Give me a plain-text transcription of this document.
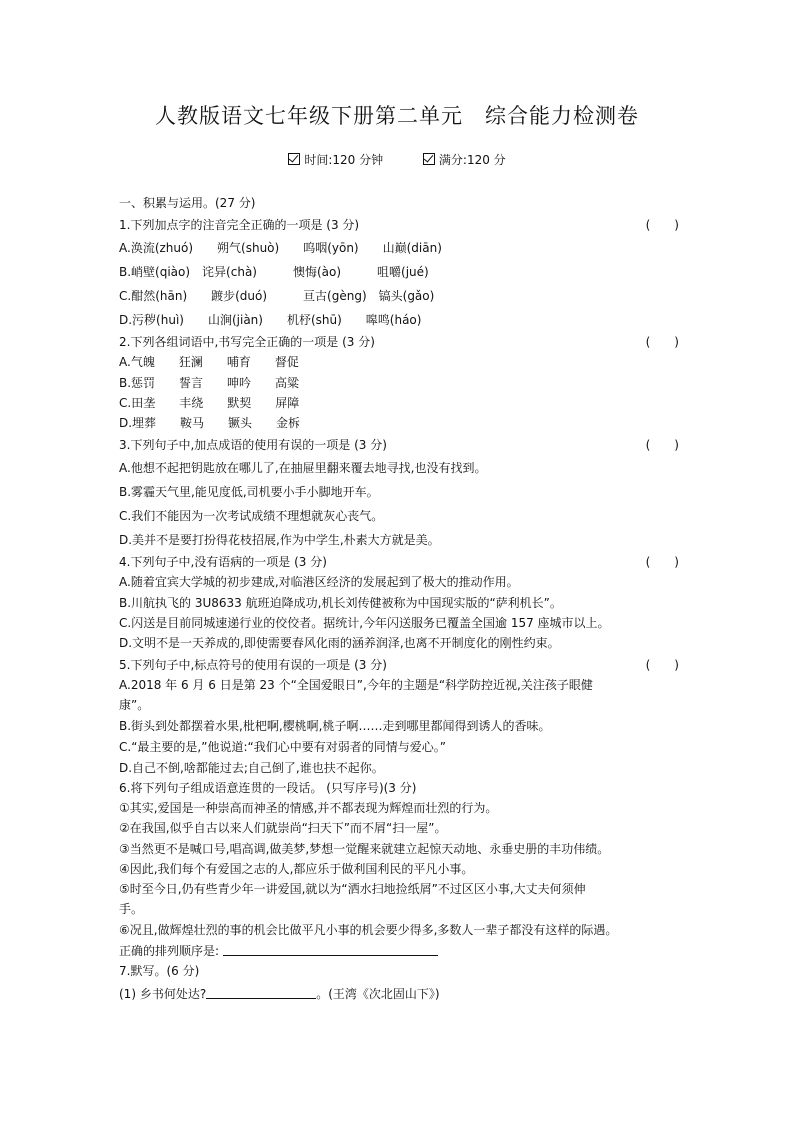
人教版语文七年级下册第二单元　综合能力检测卷
时间:120 分钟	满分:120 分
一、积累与运用。(27 分)
1.下列加点字的注音完全正确的一项是 (3 分)	(　　)
A.涣流(zhuó)　　朔气(shuò)　　呜咽(yōn)　　山巅(diān)
B.峭壁(qiào)　诧异(chà)　　　懊悔(ào)　　　咀嚼(jué)
C.酣然(hān)　　踱步(duó)　　　亘古(gèng)　镐头(gǎo)
D.污秽(huì)　　山涧(jiàn)　　机杼(shū)　　嗥鸣(háo)
2.下列各组词语中,书写完全正确的一项是 (3 分)	(　　)
A.气魄　　狂澜　　哺育　　督促
B.惩罚　　誓言　　呻吟　　高粱
C.田垄　　丰绕　　默契　　屏障
D.埋葬　　鞍马　　镢头　　金柝
3.下列句子中,加点成语的使用有误的一项是 (3 分)	(　　)
A.他想不起把钥匙放在哪儿了,在抽屉里翻来覆去地寻找,也没有找到。
B.雾霾天气里,能见度低,司机要小手小脚地开车。
C.我们不能因为一次考试成绩不理想就灰心丧气。
D.美并不是要打扮得花枝招展,作为中学生,朴素大方就是美。
4.下列句子中,没有语病的一项是 (3 分)	(　　)
A.随着宜宾大学城的初步建成,对临港区经济的发展起到了极大的推动作用。
B.川航执飞的 3U8633 航班迫降成功,机长刘传健被称为中国现实版的“萨利机长”。
C.闪送是目前同城速递行业的佼佼者。据统计,今年闪送服务已覆盖全国逾 157 座城市以上。
D.文明不是一天养成的,即使需要春风化雨的涵养润泽,也离不开制度化的刚性约束。
5.下列句子中,标点符号的使用有误的一项是 (3 分)	(　　)
A.2018 年 6 月 6 日是第 23 个“全国爱眼日”,今年的主题是“科学防控近视,关注孩子眼健
康”。
B.街头到处都摆着水果,枇杷啊,樱桃啊,桃子啊……走到哪里都闻得到诱人的香味。
C.“最主要的是,”他说道:“我们心中要有对弱者的同情与爱心。”
D.自己不倒,啥都能过去;自己倒了,谁也扶不起你。
6.将下列句子组成语意连贯的一段话。 (只写序号)(3 分)
①其实,爱国是一种崇高而神圣的情感,并不都表现为辉煌而壮烈的行为。
②在我国,似乎自古以来人们就崇尚“扫天下”而不屑“扫一屋”。
③当然更不是喊口号,唱高调,做美梦,梦想一觉醒来就建立起惊天动地、永垂史册的丰功伟绩。
④因此,我们每个有爱国之志的人,都应乐于做利国利民的平凡小事。
⑤时至今日,仍有些青少年一讲爱国,就以为“洒水扫地捡纸屑”不过区区小事,大丈夫何须伸
手。
⑥况且,做辉煌壮烈的事的机会比做平凡小事的机会要少得多,多数人一辈子都没有这样的际遇。
正确的排列顺序是:
7.默写。(6 分)
(1) 乡书何处达?	。(王湾《次北固山下》)
